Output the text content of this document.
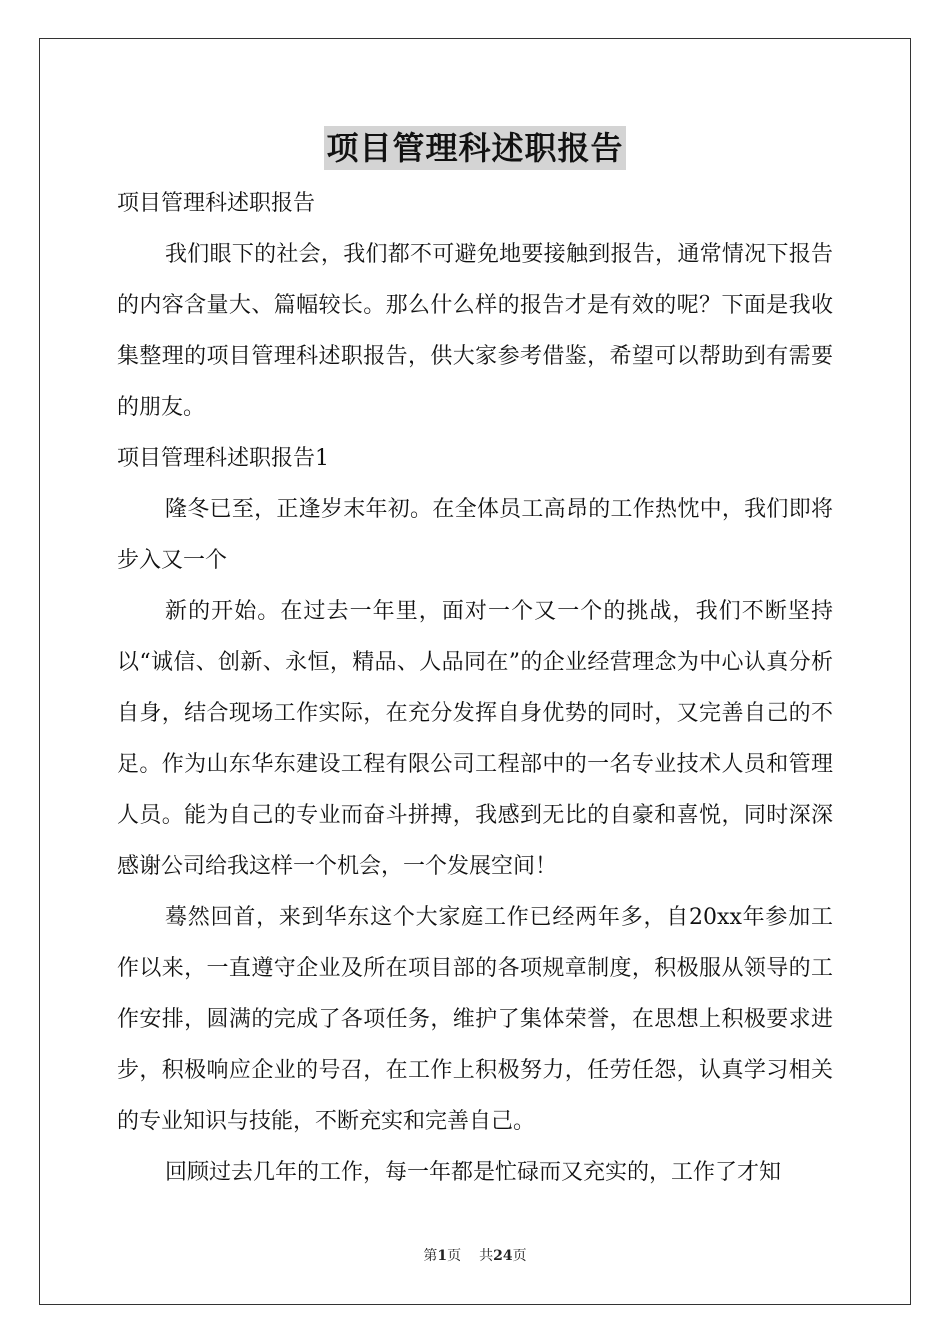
项目管理科述职报告

项目管理科述职报告

我们眼下的社会，我们都不可避免地要接触到报告，通常情况下报告的内容含量大、篇幅较长。那么什么样的报告才是有效的呢？下面是我收集整理的项目管理科述职报告，供大家参考借鉴，希望可以帮助到有需要的朋友。

项目管理科述职报告1

隆冬已至，正逢岁末年初。在全体员工高昂的工作热忱中，我们即将步入又一个

新的开始。在过去一年里，面对一个又一个的挑战，我们不断坚持以“诚信、创新、永恒，精品、人品同在”的企业经营理念为中心认真分析自身，结合现场工作实际，在充分发挥自身优势的同时，又完善自己的不足。作为山东华东建设工程有限公司工程部中的一名专业技术人员和管理人员。能为自己的专业而奋斗拼搏，我感到无比的自豪和喜悦，同时深深感谢公司给我这样一个机会，一个发展空间！

蓦然回首，来到华东这个大家庭工作已经两年多，自20xx年参加工作以来，一直遵守企业及所在项目部的各项规章制度，积极服从领导的工作安排，圆满的完成了各项任务，维护了集体荣誉，在思想上积极要求进步，积极响应企业的号召，在工作上积极努力，任劳任怨，认真学习相关的专业知识与技能，不断充实和完善自己。

回顾过去几年的工作，每一年都是忙碌而又充实的，工作了才知

第1页 共24页
